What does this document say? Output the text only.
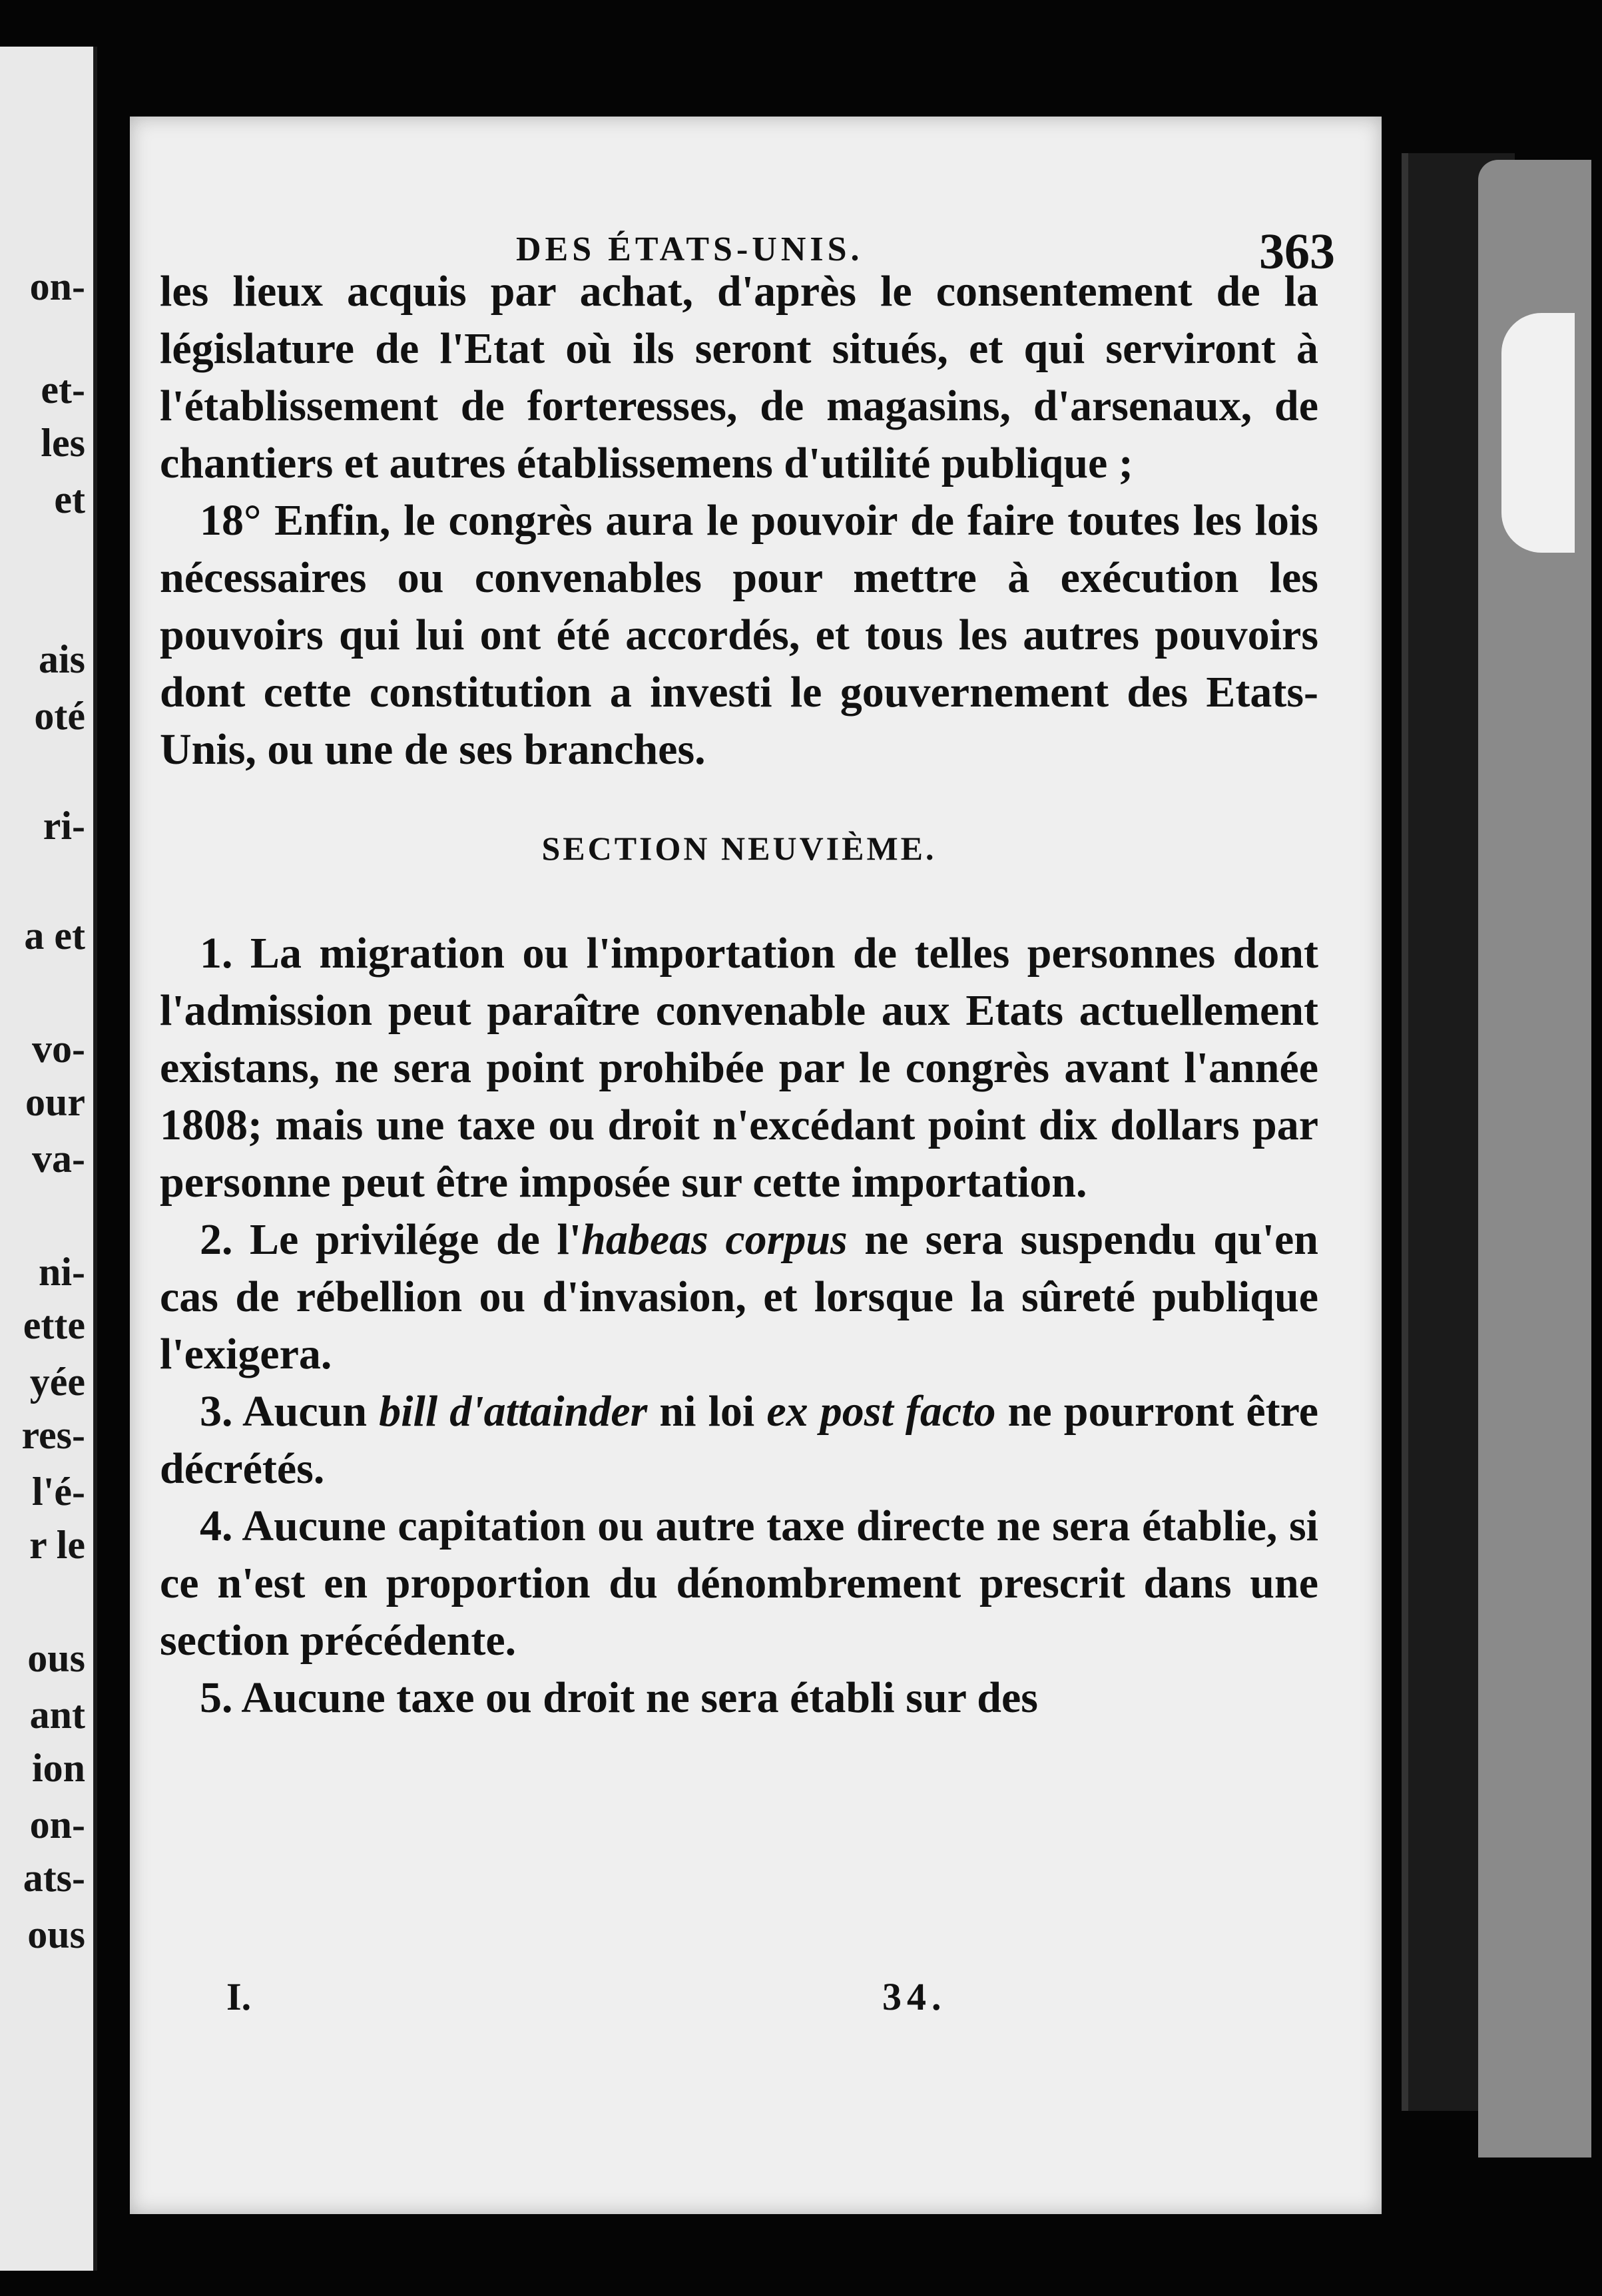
on-
et-
les
et
ais
oté
ri-
a et
vo-
our
va-
ni-
ette
yée
res-
l'é-
r le
ous
ant
ion
on-
ats-
ous
DES ÉTATS-UNIS.	363

les lieux acquis par achat, d'après le consentement de la législature de l'Etat où ils seront situés, et qui serviront à l'établissement de forteresses, de magasins, d'arsenaux, de chantiers et autres établissemens d'utilité publique ;

18° Enfin, le congrès aura le pouvoir de faire toutes les lois nécessaires ou convenables pour mettre à exécution les pouvoirs qui lui ont été accordés, et tous les autres pouvoirs dont cette constitution a investi le gouvernement des Etats-Unis, ou une de ses branches.

SECTION NEUVIÈME.

1. La migration ou l'importation de telles personnes dont l'admission peut paraître convenable aux Etats actuellement existans, ne sera point prohibée par le congrès avant l'année 1808; mais une taxe ou droit n'excédant point dix dollars par personne peut être imposée sur cette importation.

2. Le privilége de l'habeas corpus ne sera suspendu qu'en cas de rébellion ou d'invasion, et lorsque la sûreté publique l'exigera.

3. Aucun bill d'attainder ni loi ex post facto ne pourront être décrétés.

4. Aucune capitation ou autre taxe directe ne sera établie, si ce n'est en proportion du dénombrement prescrit dans une section précédente.

5. Aucune taxe ou droit ne sera établi sur des

I.	34.
